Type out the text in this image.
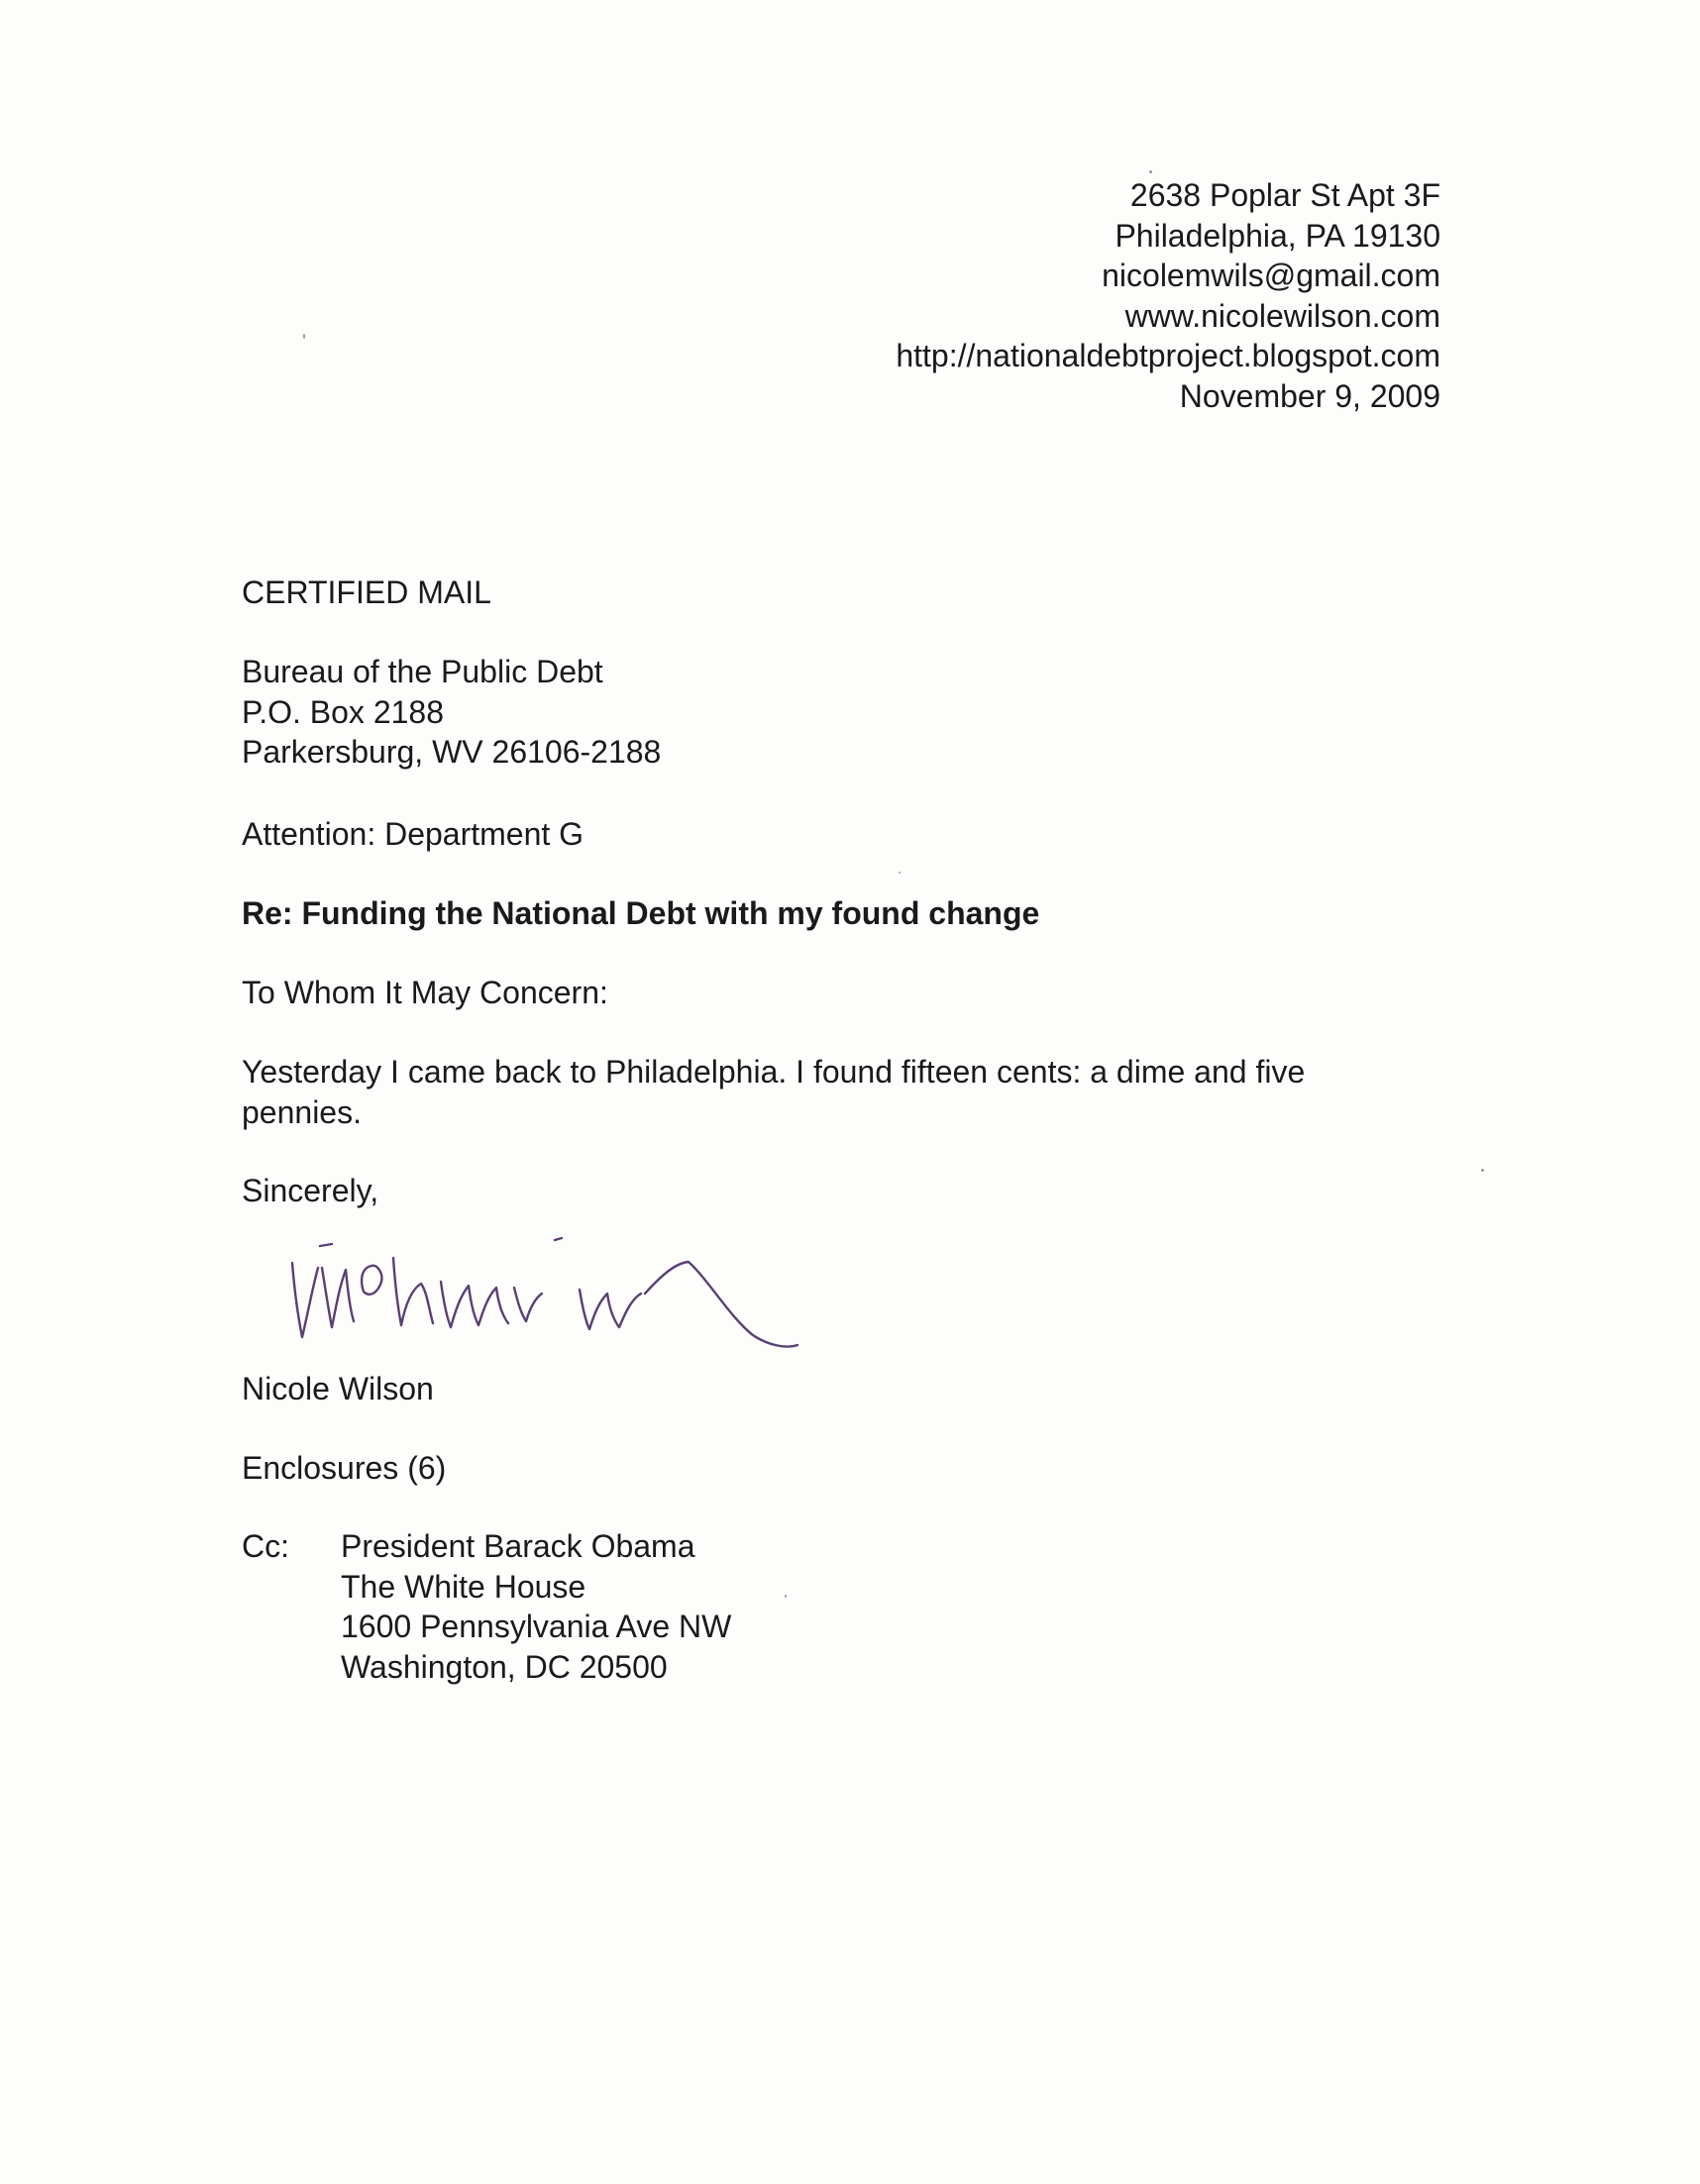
2638 Poplar St Apt 3F
Philadelphia, PA 19130
nicolemwils@gmail.com
www.nicolewilson.com
http://nationaldebtproject.blogspot.com
November 9, 2009
CERTIFIED MAIL
Bureau of the Public Debt
P.O. Box 2188
Parkersburg, WV 26106-2188
Attention: Department G
Re: Funding the National Debt with my found change
To Whom It May Concern:
Yesterday I came back to Philadelphia. I found fifteen cents: a dime and five
pennies.
Sincerely,
Nicole Wilson
Enclosures (6)
Cc: President Barack Obama
The White House
1600 Pennsylvania Ave NW
Washington, DC 20500
